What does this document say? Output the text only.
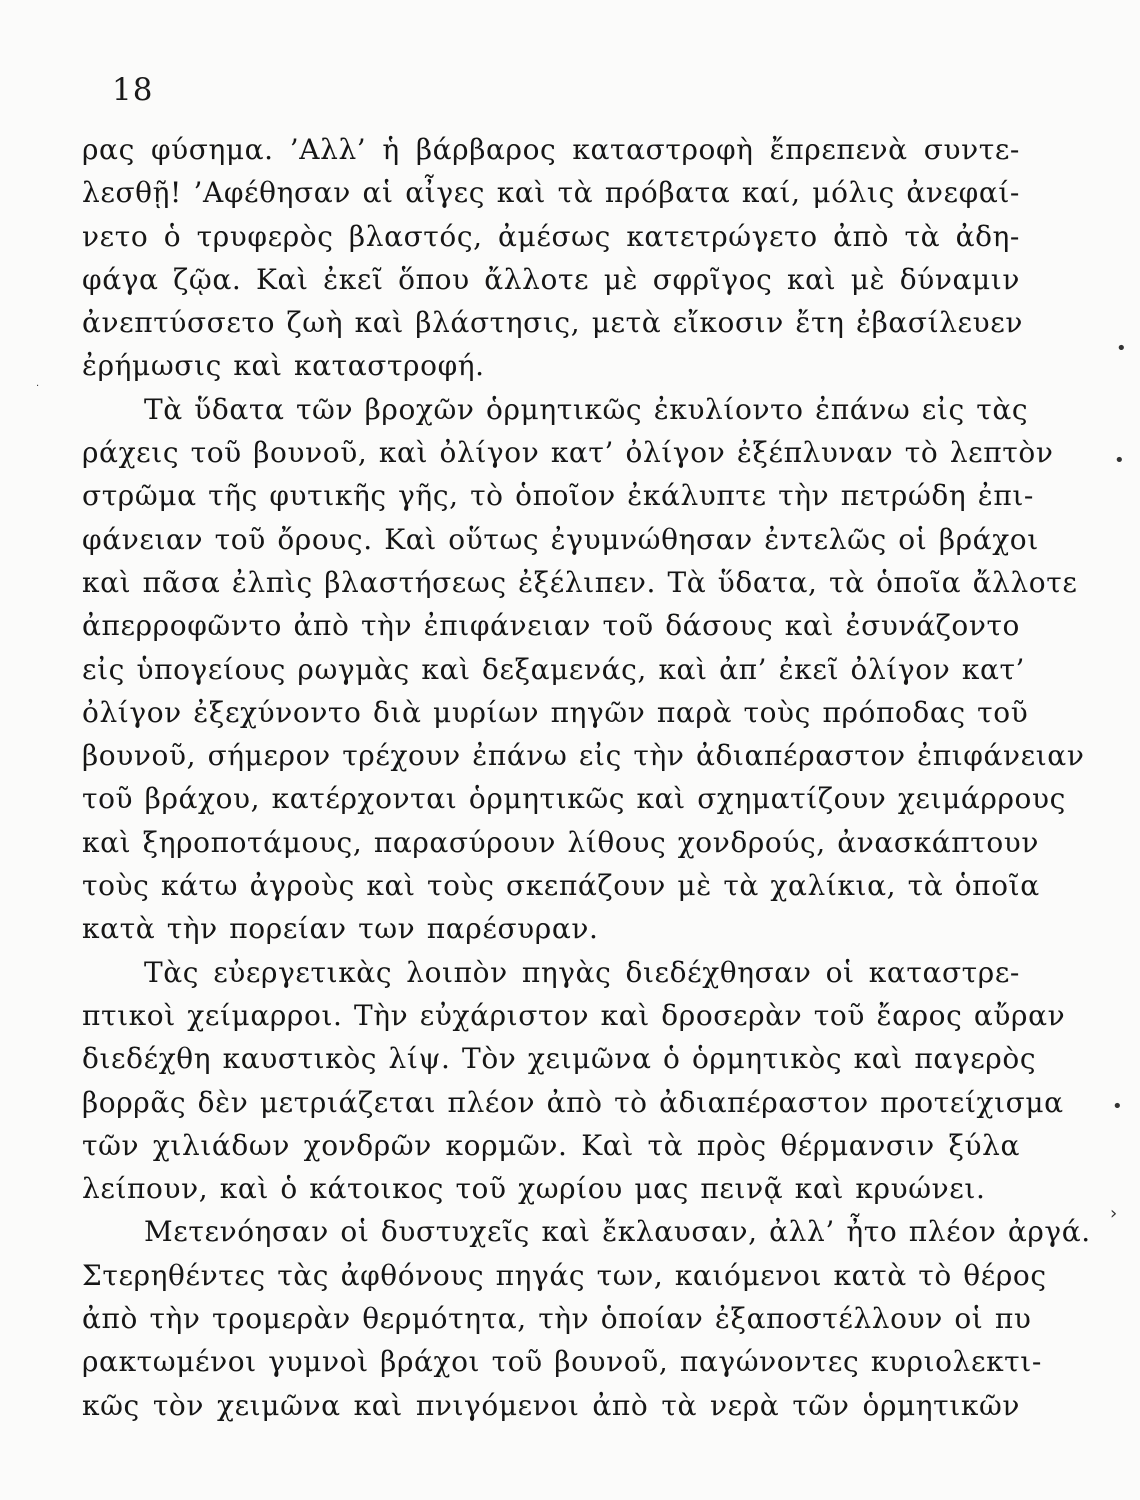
18
ρας φύσημα. ’Αλλ’ ἡ βάρβαρος καταστροφὴ ἔπρεπενὰ συντε-
λεσθῇ! ’Αφέθησαν αἱ αἶγες καὶ τὰ πρόβατα καί, μόλις ἀνεφαί-
νετο ὁ τρυφερὸς βλαστός, ἀμέσως κατετρώγετο ἀπὸ τὰ ἀδη-
φάγα ζῷα. Καὶ ἐκεῖ ὅπου ἄλλοτε μὲ σφρῖγος καὶ μὲ δύναμιν
ἀνεπτύσσετο ζωὴ καὶ βλάστησις, μετὰ εἴκοσιν ἔτη ἐβασίλευεν
ἐρήμωσις καὶ καταστροφή.
Τὰ ὕδατα τῶν βροχῶν ὁρμητικῶς ἐκυλίοντο ἐπάνω εἰς τὰς
ράχεις τοῦ βουνοῦ, καὶ ὀλίγον κατ’ ὀλίγον ἐξέπλυναν τὸ λεπτὸν
στρῶμα τῆς φυτικῆς γῆς, τὸ ὁποῖον ἐκάλυπτε τὴν πετρώδη ἐπι-
φάνειαν τοῦ ὄρους. Καὶ οὕτως ἐγυμνώθησαν ἐντελῶς οἱ βράχοι
καὶ πᾶσα ἐλπὶς βλαστήσεως ἐξέλιπεν. Τὰ ὕδατα, τὰ ὁποῖα ἄλλοτε
ἀπερροφῶντο ἀπὸ τὴν ἐπιφάνειαν τοῦ δάσους καὶ ἐσυνάζοντο
εἰς ὑπογείους ρωγμὰς καὶ δεξαμενάς, καὶ ἀπ’ ἐκεῖ ὀλίγον κατ’
ὀλίγον ἐξεχύνοντο διὰ μυρίων πηγῶν παρὰ τοὺς πρόποδας τοῦ
βουνοῦ, σήμερον τρέχουν ἐπάνω εἰς τὴν ἀδιαπέραστον ἐπιφάνειαν
τοῦ βράχου, κατέρχονται ὁρμητικῶς καὶ σχηματίζουν χειμάρρους
καὶ ξηροποτάμους, παρασύρουν λίθους χονδρούς, ἀνασκάπτουν
τοὺς κάτω ἀγροὺς καὶ τοὺς σκεπάζουν μὲ τὰ χαλίκια, τὰ ὁποῖα
κατὰ τὴν πορείαν των παρέσυραν.
Τὰς εὐεργετικὰς λοιπὸν πηγὰς διεδέχθησαν οἱ καταστρε-
πτικοὶ χείμαρροι. Τὴν εὐχάριστον καὶ δροσερὰν τοῦ ἔαρος αὔραν
διεδέχθη καυστικὸς λίψ. Τὸν χειμῶνα ὁ ὁρμητικὸς καὶ παγερὸς
βορρᾶς δὲν μετριάζεται πλέον ἀπὸ τὸ ἀδιαπέραστον προτείχισμα
τῶν χιλιάδων χονδρῶν κορμῶν. Καὶ τὰ πρὸς θέρμανσιν ξύλα
λείπουν, καὶ ὁ κάτοικος τοῦ χωρίου μας πεινᾷ καὶ κρυώνει.
Μετενόησαν οἱ δυστυχεῖς καὶ ἔκλαυσαν, ἀλλ’ ἦτο πλέον ἀργά.
Στερηθέντες τὰς ἀφθόνους πηγάς των, καιόμενοι κατὰ τὸ θέρος
ἀπὸ τὴν τρομερὰν θερμότητα, τὴν ὁποίαν ἐξαποστέλλουν οἱ πυ
ρακτωμένοι γυμνοὶ βράχοι τοῦ βουνοῦ, παγώνοντες κυριολεκτι-
κῶς τὸν χειμῶνα καὶ πνιγόμενοι ἀπὸ τὰ νερὰ τῶν ὁρμητικῶν
•
•
•
›
·
